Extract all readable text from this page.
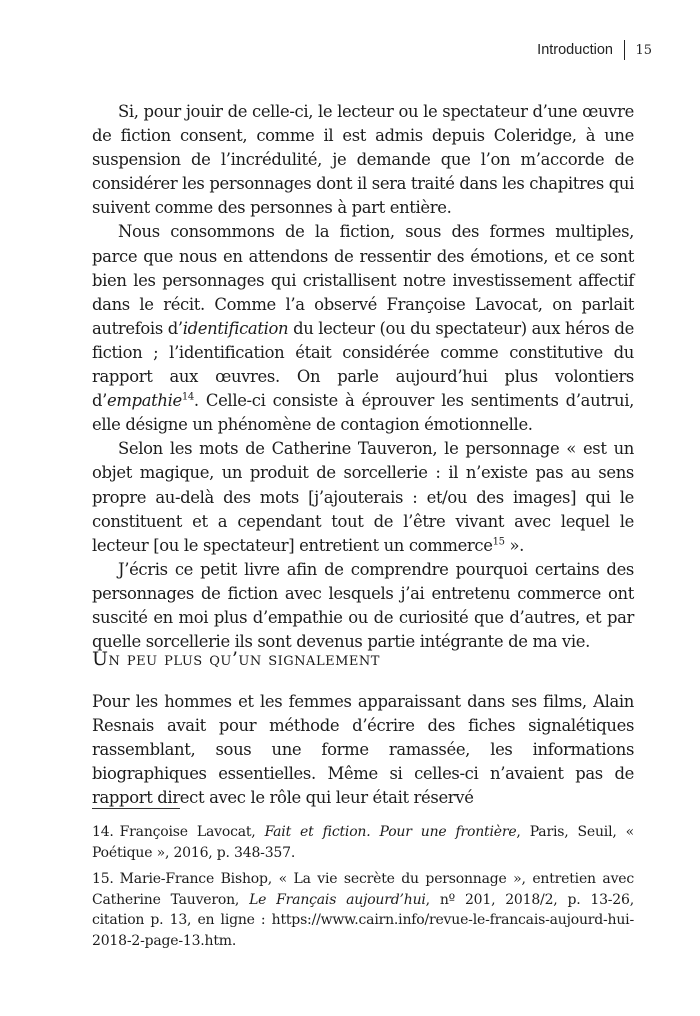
Introduction 15

Si, pour jouir de celle-ci, le lecteur ou le spectateur d’une œuvre de fiction consent, comme il est admis depuis Coleridge, à une suspension de l’incrédulité, je demande que l’on m’accorde de considérer les personnages dont il sera traité dans les chapitres qui suivent comme des personnes à part entière.

Nous consommons de la fiction, sous des formes multiples, parce que nous en attendons de ressentir des émotions, et ce sont bien les personnages qui cristallisent notre investissement affectif dans le récit. Comme l’a observé Françoise Lavocat, on parlait autrefois d’identification du lecteur (ou du spectateur) aux héros de fiction ; l’identification était considérée comme constitutive du rapport aux œuvres. On parle aujourd’hui plus volontiers d’empathie$^{14}$. Celle-ci consiste à éprouver les sentiments d’autrui, elle désigne un phénomène de contagion émotionnelle.

Selon les mots de Catherine Tauveron, le personnage « est un objet magique, un produit de sorcellerie : il n’existe pas au sens propre au-delà des mots [j’ajouterais : et/ou des images] qui le constituent et a cependant tout de l’être vivant avec lequel le lecteur [ou le spectateur] entretient un commerce$^{15}$ ».

J’écris ce petit livre afin de comprendre pourquoi certains des personnages de fiction avec lesquels j’ai entretenu commerce ont suscité en moi plus d’empathie ou de curiosité que d’autres, et par quelle sorcellerie ils sont devenus partie intégrante de ma vie.

Un peu plus qu’un signalement

Pour les hommes et les femmes apparaissant dans ses films, Alain Resnais avait pour méthode d’écrire des fiches signalétiques rassemblant, sous une forme ramassée, les informations biographiques essentielles. Même si celles-ci n’avaient pas de rapport direct avec le rôle qui leur était réservé

14. Françoise Lavocat, Fait et fiction. Pour une frontière, Paris, Seuil, « Poétique », 2016, p. 348-357.

15. Marie-France Bishop, « La vie secrète du personnage », entretien avec Catherine Tauveron, Le Français aujourd’hui, nº 201, 2018/2, p. 13-26, citation p. 13, en ligne : https://www.cairn.info/revue-le-francais-aujourd-hui-2018-2-page-13.htm.
